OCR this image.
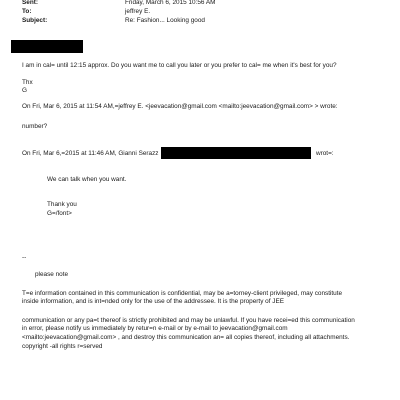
Sent:	Friday, March 6, 2015 10:56 AM
To:	jeffrey E.
Subject:	Re: Fashion... Looking good

I am in cal= until 12:15 approx. Do you want me to call you later or you prefer to cal= me when it's best for you?

Thx

G

On Fri, Mar 6, 2015 at 11:54 AM,=jeffrey E. <jeevacation@gmail.com <mailto:jeevacation@gmail.com> > wrote:

number?

On Fri, Mar 6,=2015 at 11:46 AM, Gianni Serazz	wrot=:

We can talk when you want.

Thank you

G=/font>

--

please note

T=e information contained in this communication is confidential, may be a=torney-client privileged, may constitute

inside information, and is int=nded only for the use of the addressee. It is the property of JEE

communication or any pa=t thereof is strictly prohibited and may be unlawful. If you have recei=ed this communication

in error, please notify us immediately by retur=n e-mail or by e-mail to jeevacation@gmail.com

<mailto:jeevacation@gmail.com> , and destroy this communication an= all copies thereof, including all attachments.

copyright -all rights r=served
